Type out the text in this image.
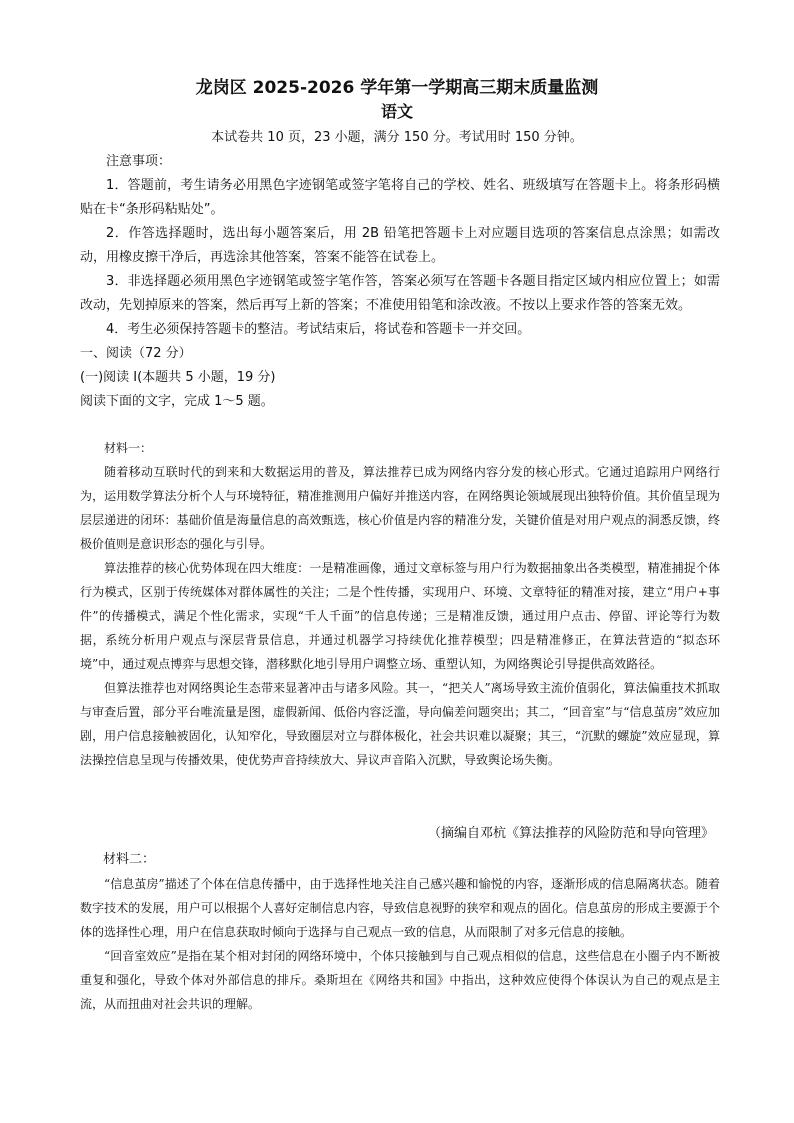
龙岗区 2025-2026 学年第一学期高三期末质量监测
语文
本试卷共 10 页，23 小题，满分 150 分。考试用时 150 分钟。

注意事项：

1．答题前，考生请务必用黑色字迹钢笔或签字笔将自己的学校、姓名、班级填写在答题卡上。将条形码横贴在卡“条形码粘贴处”。

2．作答选择题时，选出每小题答案后，用 2B 铅笔把答题卡上对应题目选项的答案信息点涂黑；如需改动，用橡皮擦干净后，再选涂其他答案，答案不能答在试卷上。

3．非选择题必须用黑色字迹钢笔或签字笔作答，答案必须写在答题卡各题目指定区域内相应位置上；如需改动，先划掉原来的答案，然后再写上新的答案；不准使用铅笔和涂改液。不按以上要求作答的答案无效。

4．考生必须保持答题卡的整洁。考试结束后，将试卷和答题卡一并交回。

一、阅读（72 分）

(一)阅读 I(本题共 5 小题，19 分)

阅读下面的文字，完成 1～5 题。

材料一：

随着移动互联时代的到来和大数据运用的普及，算法推荐已成为网络内容分发的核心形式。它通过追踪用户网络行为，运用数学算法分析个人与环境特征，精准推测用户偏好并推送内容，在网络舆论领域展现出独特价值。其价值呈现为层层递进的闭环：基础价值是海量信息的高效甄选，核心价值是内容的精准分发，关键价值是对用户观点的洞悉反馈，终极价值则是意识形态的强化与引导。

算法推荐的核心优势体现在四大维度：一是精准画像，通过文章标签与用户行为数据抽象出各类模型，精准捕捉个体行为模式，区别于传统媒体对群体属性的关注；二是个性传播，实现用户、环境、文章特征的精准对接，建立“用户+事件”的传播模式，满足个性化需求，实现“千人千面”的信息传递；三是精准反馈，通过用户点击、停留、评论等行为数据，系统分析用户观点与深层背景信息，并通过机器学习持续优化推荐模型；四是精准修正，在算法营造的“拟态环境”中，通过观点博弈与思想交锋，潜移默化地引导用户调整立场、重塑认知，为网络舆论引导提供高效路径。

但算法推荐也对网络舆论生态带来显著冲击与诸多风险。其一，“把关人”离场导致主流价值弱化，算法偏重技术抓取与审查后置，部分平台唯流量是图，虚假新闻、低俗内容泛滥，导向偏差问题突出；其二，“回音室”与“信息茧房”效应加剧，用户信息接触被固化，认知窄化，导致圈层对立与群体极化，社会共识难以凝聚；其三，“沉默的螺旋”效应显现，算法操控信息呈现与传播效果，使优势声音持续放大、异议声音陷入沉默，导致舆论场失衡。

（摘编自邓杭《算法推荐的风险防范和导向管理》
材料二：

“信息茧房”描述了个体在信息传播中，由于选择性地关注自己感兴趣和愉悦的内容，逐渐形成的信息隔离状态。随着数字技术的发展，用户可以根据个人喜好定制信息内容，导致信息视野的狭窄和观点的固化。信息茧房的形成主要源于个体的选择性心理，用户在信息获取时倾向于选择与自己观点一致的信息，从而限制了对多元信息的接触。

“回音室效应”是指在某个相对封闭的网络环境中，个体只接触到与自己观点相似的信息，这些信息在小圈子内不断被重复和强化，导致个体对外部信息的排斥。桑斯坦在《网络共和国》中指出，这种效应使得个体误认为自己的观点是主流，从而扭曲对社会共识的理解。
